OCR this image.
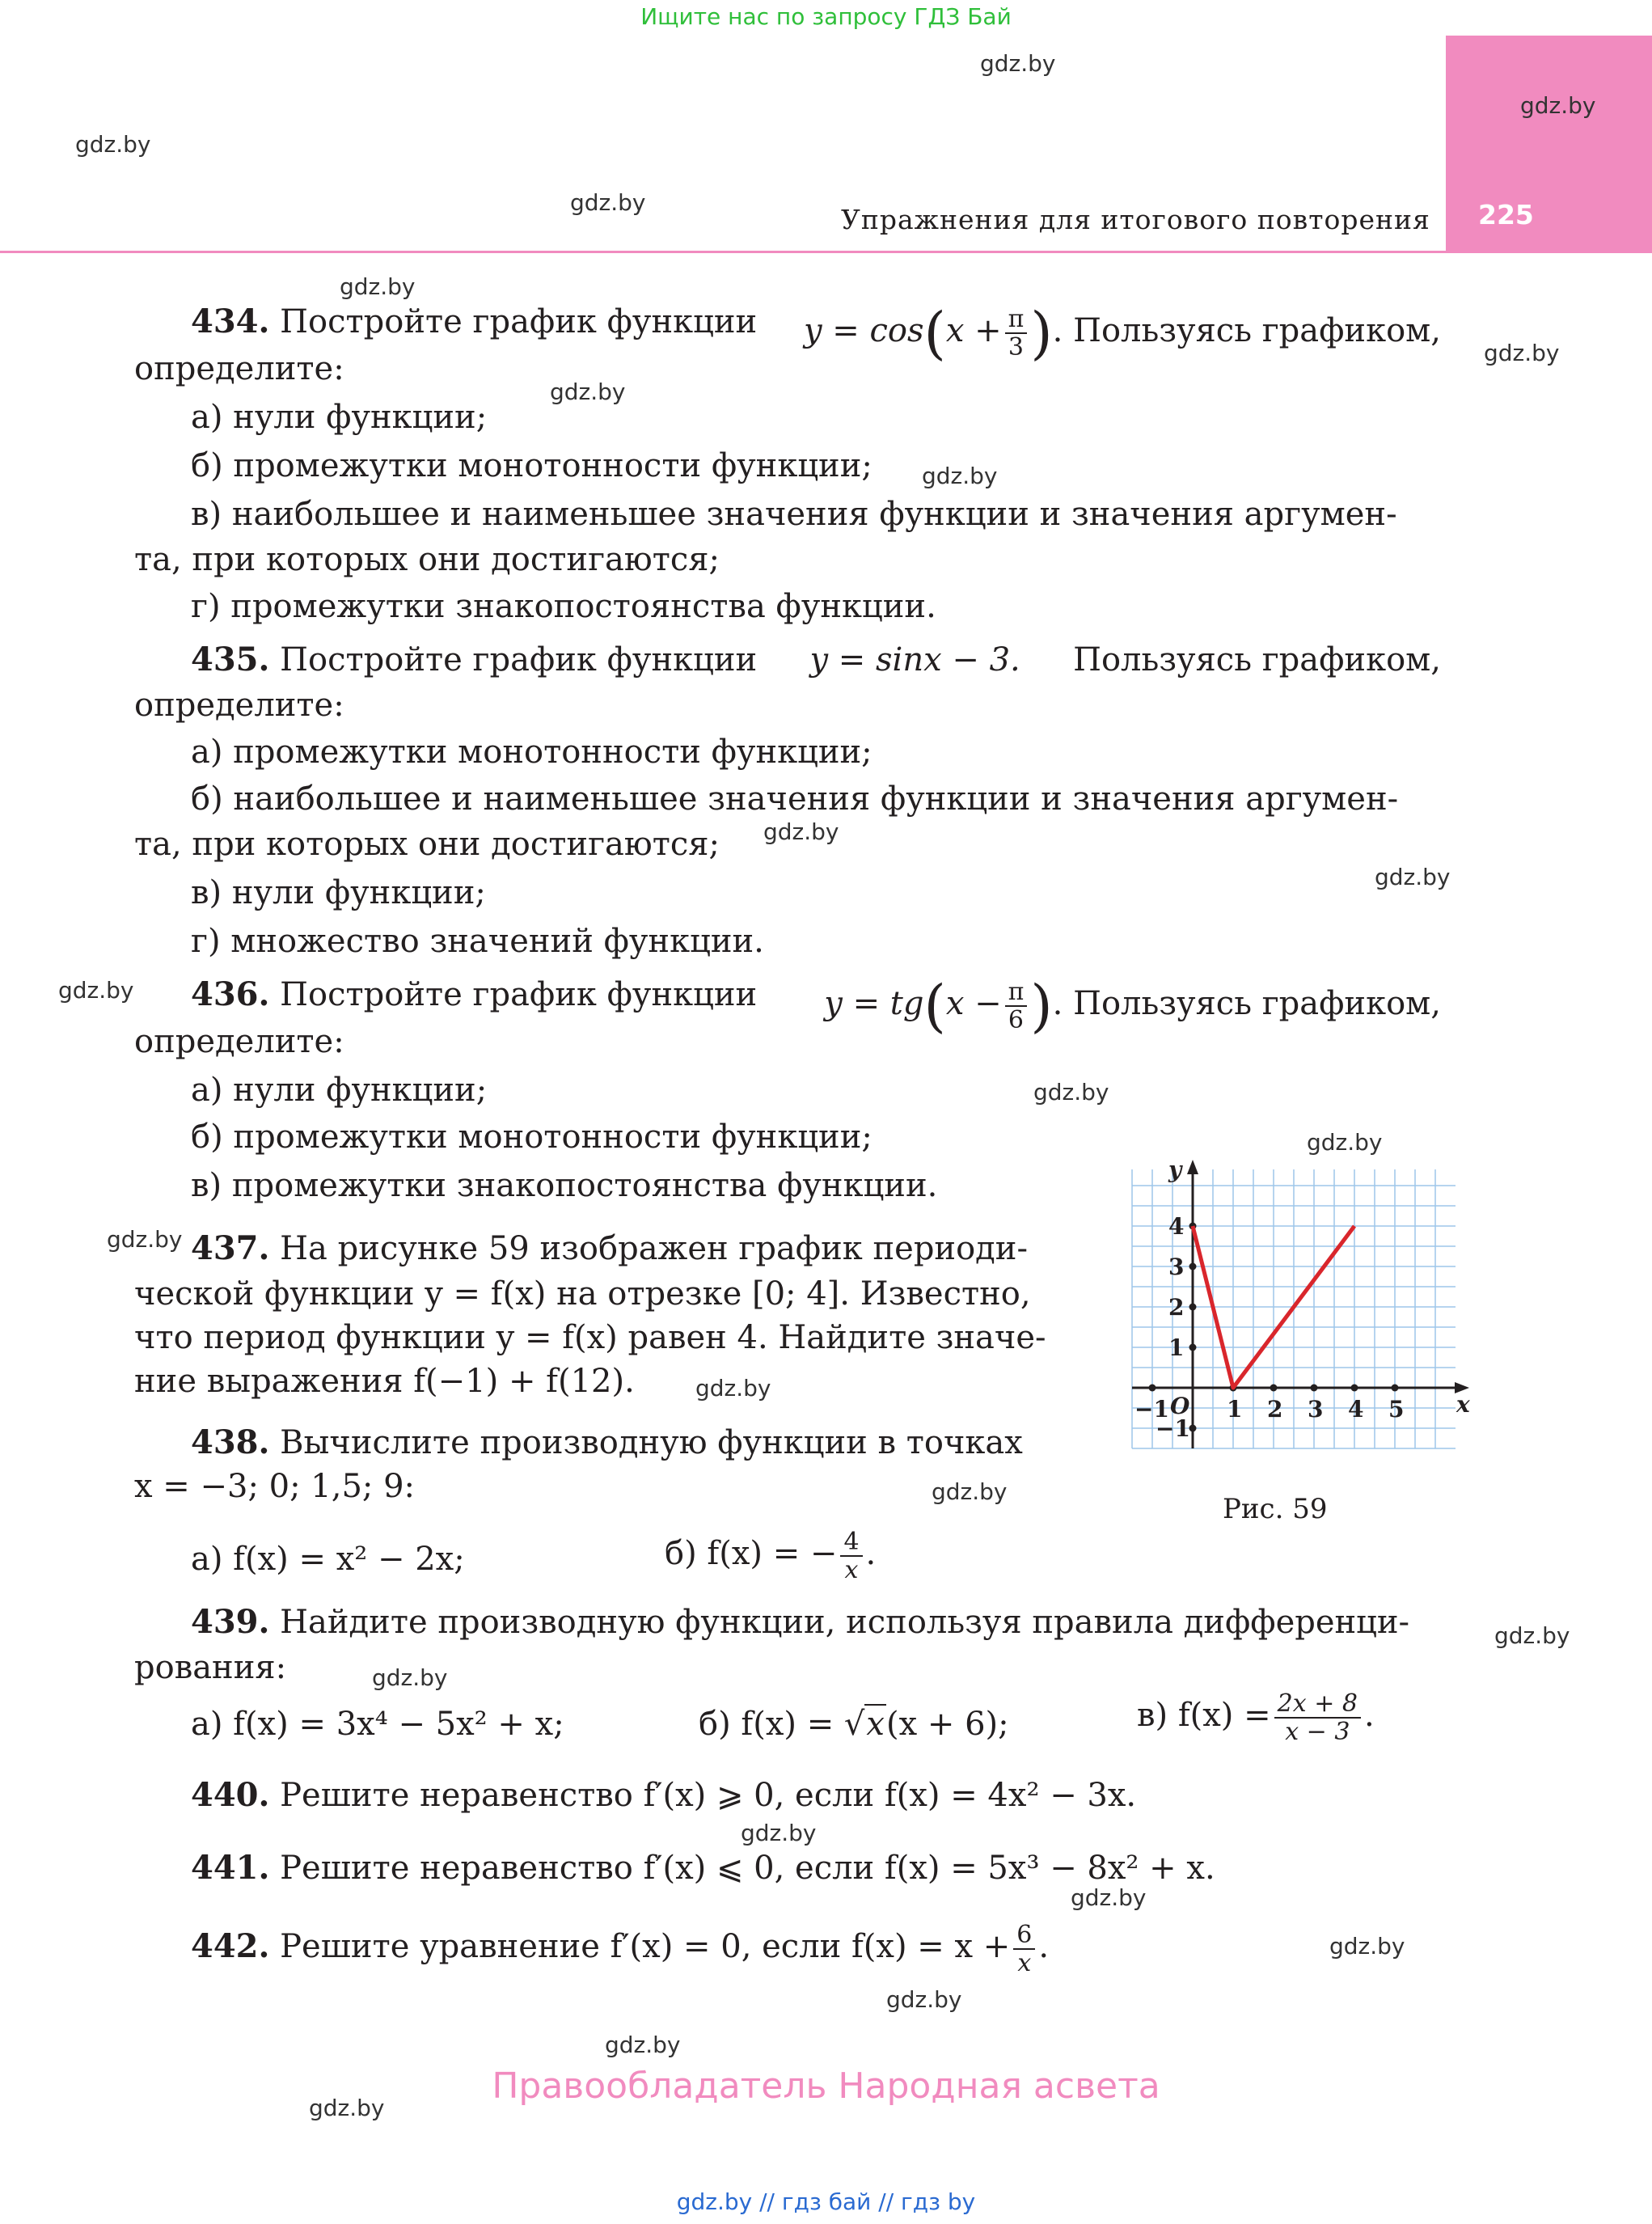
Ищите нас по запросу ГДЗ Бай
225
Упражнения для итогового повторения
gdz.by
gdz.by
gdz.by
gdz.by
gdz.by
gdz.by
gdz.by
gdz.by
gdz.by
gdz.by
gdz.by
gdz.by
gdz.by
gdz.by
gdz.by
gdz.by
gdz.by
gdz.by
gdz.by
gdz.by
gdz.by
gdz.by
gdz.by
gdz.by
434. Постройте график функции $y = \cos(x + \frac{\pi}{3}$ ). Пользуясь графиком,
определите:
а) нули функции;
б) промежутки монотонности функции;
в) наибольшее и наименьшее значения функции и значения аргумен-
та, при которых они достигаются;
г) промежутки знакопостоянства функции.
435. Постройте график функции y = sinx − 3. Пользуясь графиком,
определите:
а) промежутки монотонности функции;
б) наибольшее и наименьшее значения функции и значения аргумен-
та, при которых они достигаются;
в) нули функции;
г) множество значений функции.
436. Постройте график функции $y = tg(x - \frac{\pi}{6}$ ). Пользуясь графиком,
определите:
а) нули функции;
б) промежутки монотонности функции;
в) промежутки знакопостоянства функции.
437. На рисунке 59 изображен график периоди-
ческой функции y = f(x) на отрезке [0; 4]. Известно,
что период функции y = f(x) равен 4. Найдите значе-
ние выражения f(−1) + f(12).
438. Вычислите производную функции в точках
x = −3; 0; 1,5; 9:
а) f(x) = x² − 2x;	б) f(x) = − $\frac{4}{x}$ .
439. Найдите производную функции, используя правила дифференци-
рования:
а) f(x) = 3x⁴ − 5x² + x;	б) f(x) = √x(x + 6);	в) $f(x) = \frac{2x + 8}{x - 3}$ .
440. Решите неравенство f′(x) ⩾ 0, если f(x) = 4x² − 3x.
441. Решите неравенство f′(x) ⩽ 0, если f(x) = 5x³ − 8x² + x.
442. Решите уравнение f′(x) = 0, если $f(x) = x + \frac{6}{x}$ .
x
y
O
−1	1 2 3 4 5
−1
1
2
3
4
Рис. 59
Правообладатель Народная асвета
gdz.by // гдз бай // гдз by
